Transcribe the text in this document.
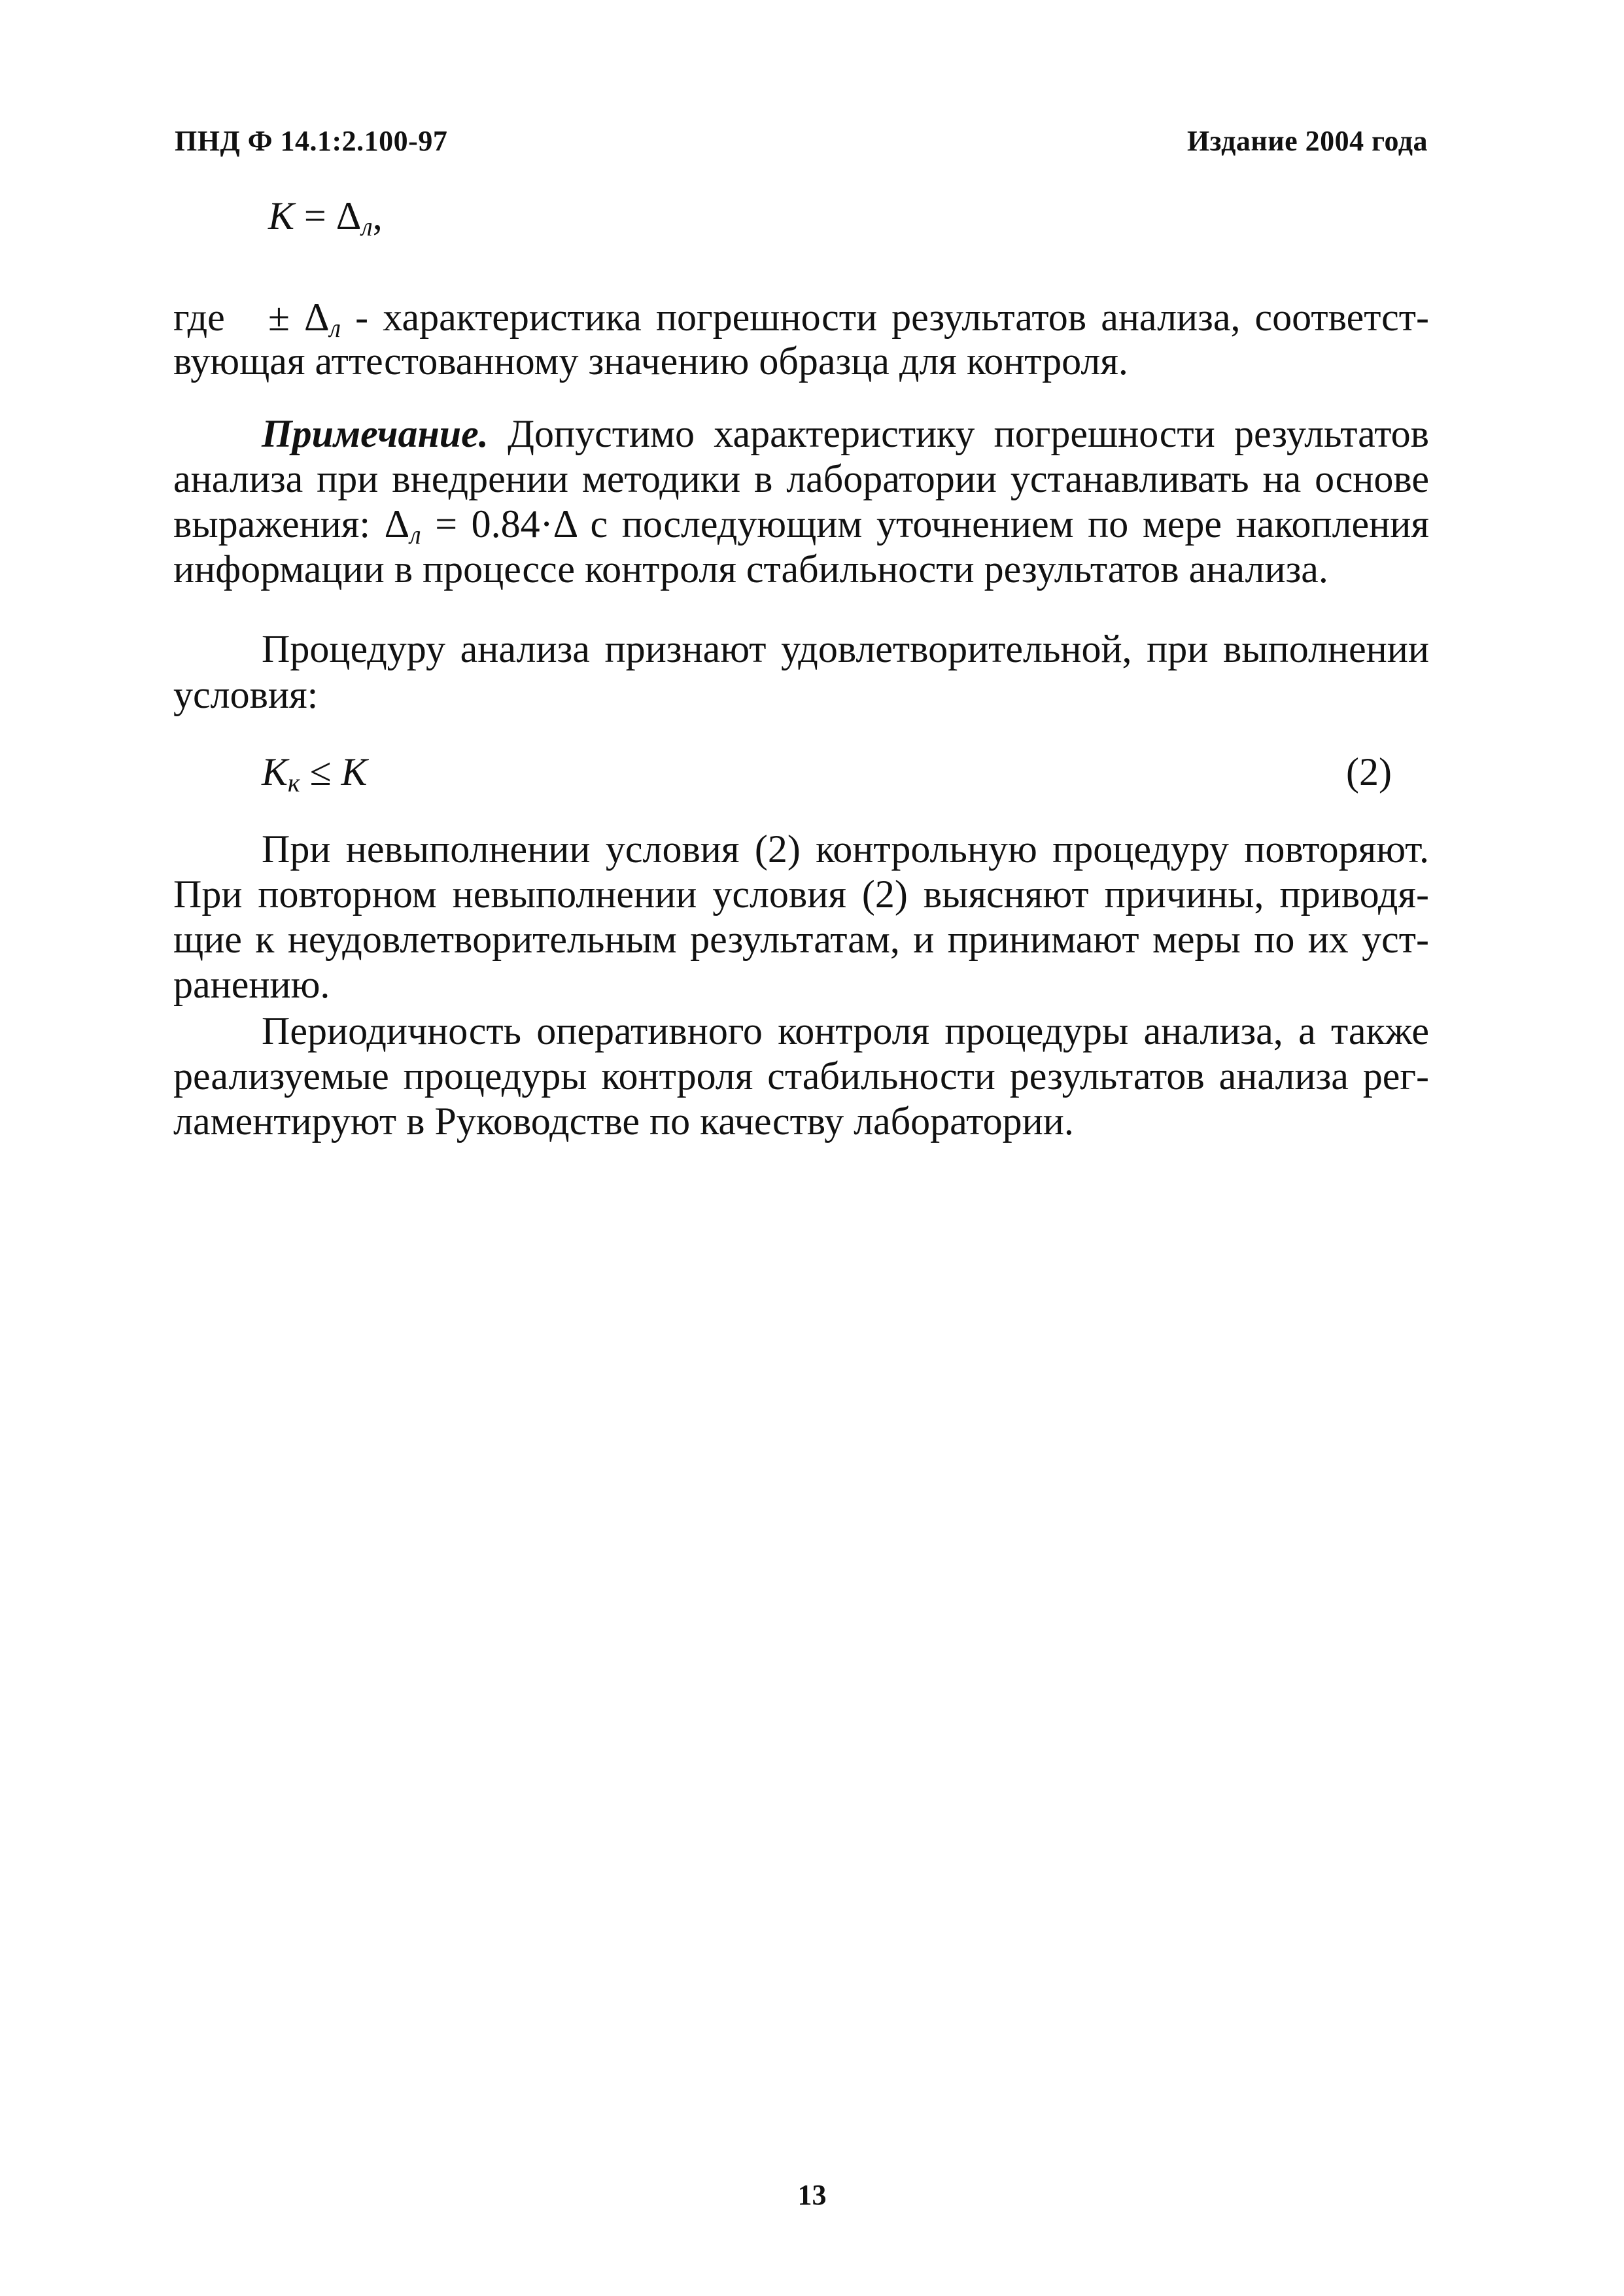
ПНД Ф 14.1:2.100-97	Издание 2004 года
$К = \Delta_л$,
где ± $\Delta_л$ - характеристика погрешности результатов анализа, соответст-
вующая аттестованному значению образца для контроля.
Примечание. Допустимо характеристику погрешности результатов
анализа при внедрении методики в лаборатории устанавливать на основе
выражения: $\Delta_л = 0.84\cdot\Delta$ с последующим уточнением по мере накопления
информации в процессе контроля стабильности результатов анализа.
Процедуру анализа признают удовлетворительной, при выполнении
условия:
$К_к \le К$	(2)
При невыполнении условия (2) контрольную процедуру повторяют.
При повторном невыполнении условия (2) выясняют причины, приводя-
щие к неудовлетворительным результатам, и принимают меры по их уст-
ранению.
Периодичность оперативного контроля процедуры анализа, а также
реализуемые процедуры контроля стабильности результатов анализа рег-
ламентируют в Руководстве по качеству лаборатории.
13
